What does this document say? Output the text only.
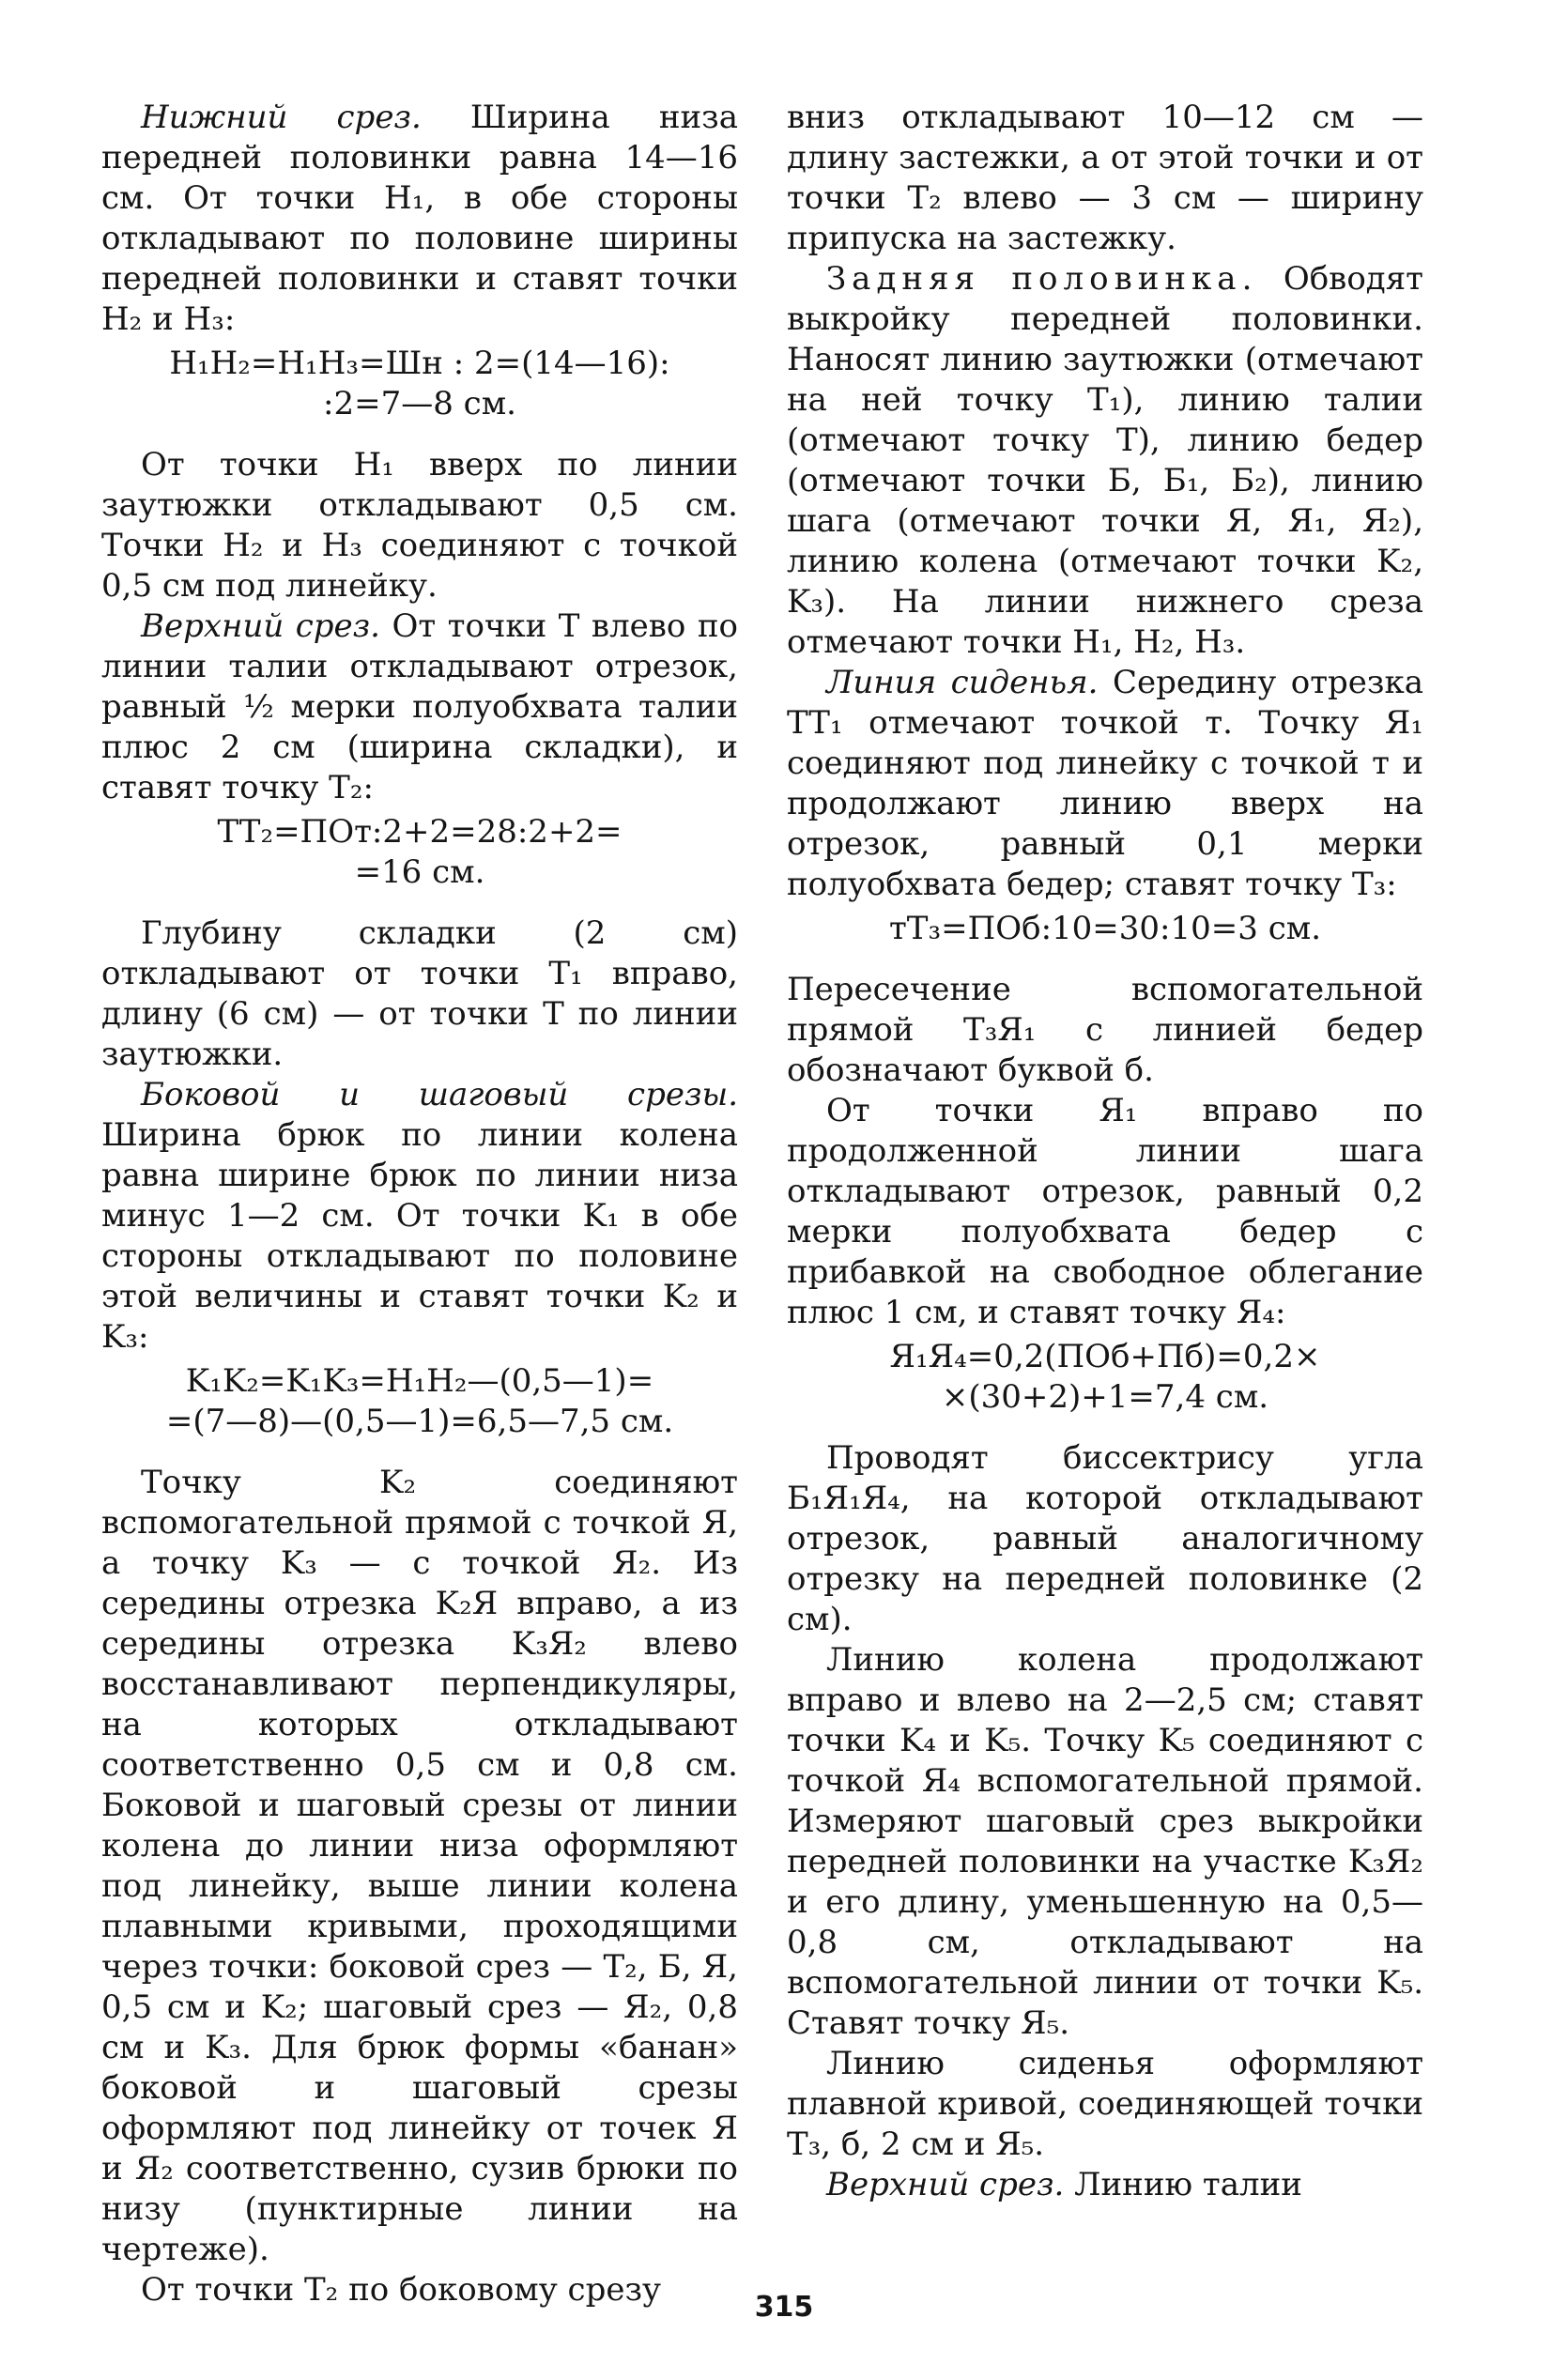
Нижний срез. Ширина низа передней половинки равна 14—16 см. От точки H₁, в обе стороны откладывают по половине ширины передней половинки и ставят точки H₂ и H₃:

H₁H₂=H₁H₃=Шн : 2=(14—16):
:2=7—8 см.

От точки H₁ вверх по линии заутюжки откладывают 0,5 см. Точки H₂ и H₃ соединяют с точкой 0,5 см под линейку.

Верхний срез. От точки T влево по линии талии откладывают отрезок, равный ½ мерки полуобхвата талии плюс 2 см (ширина складки), и ставят точку T₂:

TT₂=ПОт:2+2=28:2+2=
=16 см.

Глубину складки (2 см) откладывают от точки T₁ вправо, длину (6 см) — от точки T по линии заутюжки.

Боковой и шаговый срезы. Ширина брюк по линии колена равна ширине брюк по линии низа минус 1—2 см. От точки K₁ в обе стороны откладывают по половине этой величины и ставят точки K₂ и K₃:

K₁K₂=K₁K₃=H₁H₂—(0,5—1)=
=(7—8)—(0,5—1)=6,5—7,5 см.

Точку K₂ соединяют вспомогательной прямой с точкой Я, а точку K₃ — с точкой Я₂. Из середины отрезка K₂Я вправо, а из середины отрезка K₃Я₂ влево восстанавливают перпендикуляры, на которых откладывают соответственно 0,5 см и 0,8 см. Боковой и шаговый срезы от линии колена до линии низа оформляют под линейку, выше линии колена плавными кривыми, проходящими через точки: боковой срез — T₂, Б, Я, 0,5 см и K₂; шаговый срез — Я₂, 0,8 см и K₃. Для брюк формы «банан» боковой и шаговый срезы оформляют под линейку от точек Я и Я₂ соответственно, сузив брюки по низу (пунктирные линии на чертеже).

От точки T₂ по боковому срезу

вниз откладывают 10—12 см — длину застежки, а от этой точки и от точки T₂ влево — 3 см — ширину припуска на застежку.

Задняя половинка. Обводят выкройку передней половинки. Наносят линию заутюжки (отмечают на ней точку T₁), линию талии (отмечают точку T), линию бедер (отмечают точки Б, Б₁, Б₂), линию шага (отмечают точки Я, Я₁, Я₂), линию колена (отмечают точки K₂, K₃). На линии нижнего среза отмечают точки H₁, H₂, H₃.

Линия сиденья. Середину отрезка TT₁ отмечают точкой т. Точку Я₁ соединяют под линейку с точкой т и продолжают линию вверх на отрезок, равный 0,1 мерки полуобхвата бедер; ставят точку T₃:

тT₃=ПОб:10=30:10=3 см.

Пересечение вспомогательной прямой T₃Я₁ с линией бедер обозначают буквой б.

От точки Я₁ вправо по продолженной линии шага откладывают отрезок, равный 0,2 мерки полуобхвата бедер с прибавкой на свободное облегание плюс 1 см, и ставят точку Я₄:

Я₁Я₄=0,2(ПОб+Пб)=0,2×
×(30+2)+1=7,4 см.

Проводят биссектрису угла Б₁Я₁Я₄, на которой откладывают отрезок, равный аналогичному отрезку на передней половинке (2 см).

Линию колена продолжают вправо и влево на 2—2,5 см; ставят точки K₄ и K₅. Точку K₅ соединяют с точкой Я₄ вспомогательной прямой. Измеряют шаговый срез выкройки передней половинки на участке K₃Я₂ и его длину, уменьшенную на 0,5—0,8 см, откладывают на вспомогательной линии от точки K₅. Ставят точку Я₅.

Линию сиденья оформляют плавной кривой, соединяющей точки T₃, б, 2 см и Я₅.

Верхний срез. Линию талии

315
